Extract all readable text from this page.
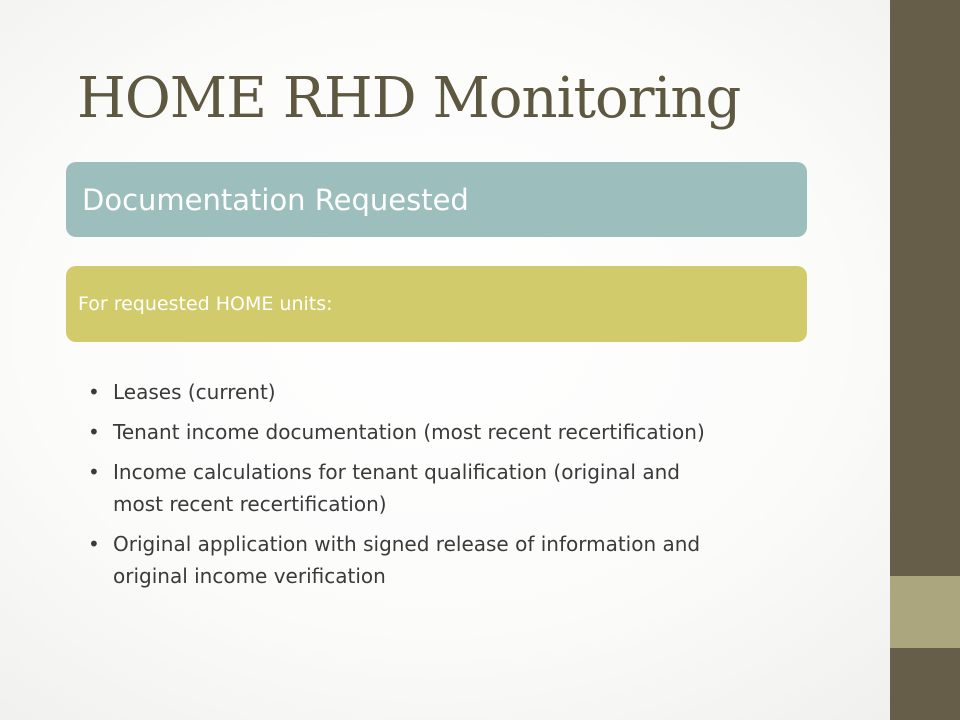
HOME RHD Monitoring
Documentation Requested
For requested HOME units:
• Leases (current)
• Tenant income documentation (most recent recertification)
• Income calculations for tenant qualification (original and most recent recertification)
• Original application with signed release of information and original income verification
